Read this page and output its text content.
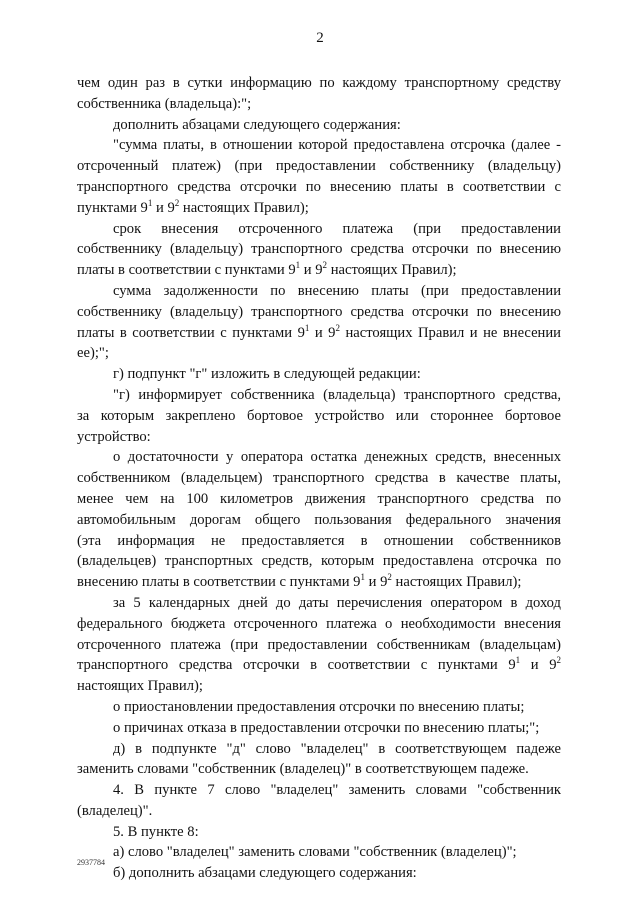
2
чем один раз в сутки информацию по каждому транспортному средству
собственника (владельца):";
дополнить абзацами следующего содержания:
"сумма платы, в отношении которой предоставлена отсрочка (далее -
отсроченный платеж) (при предоставлении собственнику (владельцу)
транспортного средства отсрочки по внесению платы в соответствии с
пунктами $9^1$ и $9^2$ настоящих Правил);
срок внесения отсроченного платежа (при предоставлении
собственнику (владельцу) транспортного средства отсрочки по внесению
платы в соответствии с пунктами $9^1$ и $9^2$ настоящих Правил);
сумма задолженности по внесению платы (при предоставлении
собственнику (владельцу) транспортного средства отсрочки по внесению
платы в соответствии с пунктами $9^1$ и $9^2$ настоящих Правил и не внесении
ее);";
г) подпункт "г" изложить в следующей редакции:
"г) информирует собственника (владельца) транспортного средства,
за которым закреплено бортовое устройство или стороннее бортовое
устройство:
о достаточности у оператора остатка денежных средств, внесенных
собственником (владельцем) транспортного средства в качестве платы,
менее чем на 100 километров движения транспортного средства по
автомобильным дорогам общего пользования федерального значения
(эта информация не предоставляется в отношении собственников
(владельцев) транспортных средств, которым предоставлена отсрочка по
внесению платы в соответствии с пунктами $9^1$ и $9^2$ настоящих Правил);
за 5 календарных дней до даты перечисления оператором в доход
федерального бюджета отсроченного платежа о необходимости внесения
отсроченного платежа (при предоставлении собственникам (владельцам)
транспортного средства отсрочки в соответствии с пунктами $9^1$ и $9^2$
настоящих Правил);
о приостановлении предоставления отсрочки по внесению платы;
о причинах отказа в предоставлении отсрочки по внесению платы;";
д) в подпункте "д" слово "владелец" в соответствующем падеже
заменить словами "собственник (владелец)" в соответствующем падеже.
4. В пункте 7 слово "владелец" заменить словами "собственник
(владелец)".
5. В пункте 8:
а) слово "владелец" заменить словами "собственник (владелец)";
б) дополнить абзацами следующего содержания:
2937784
